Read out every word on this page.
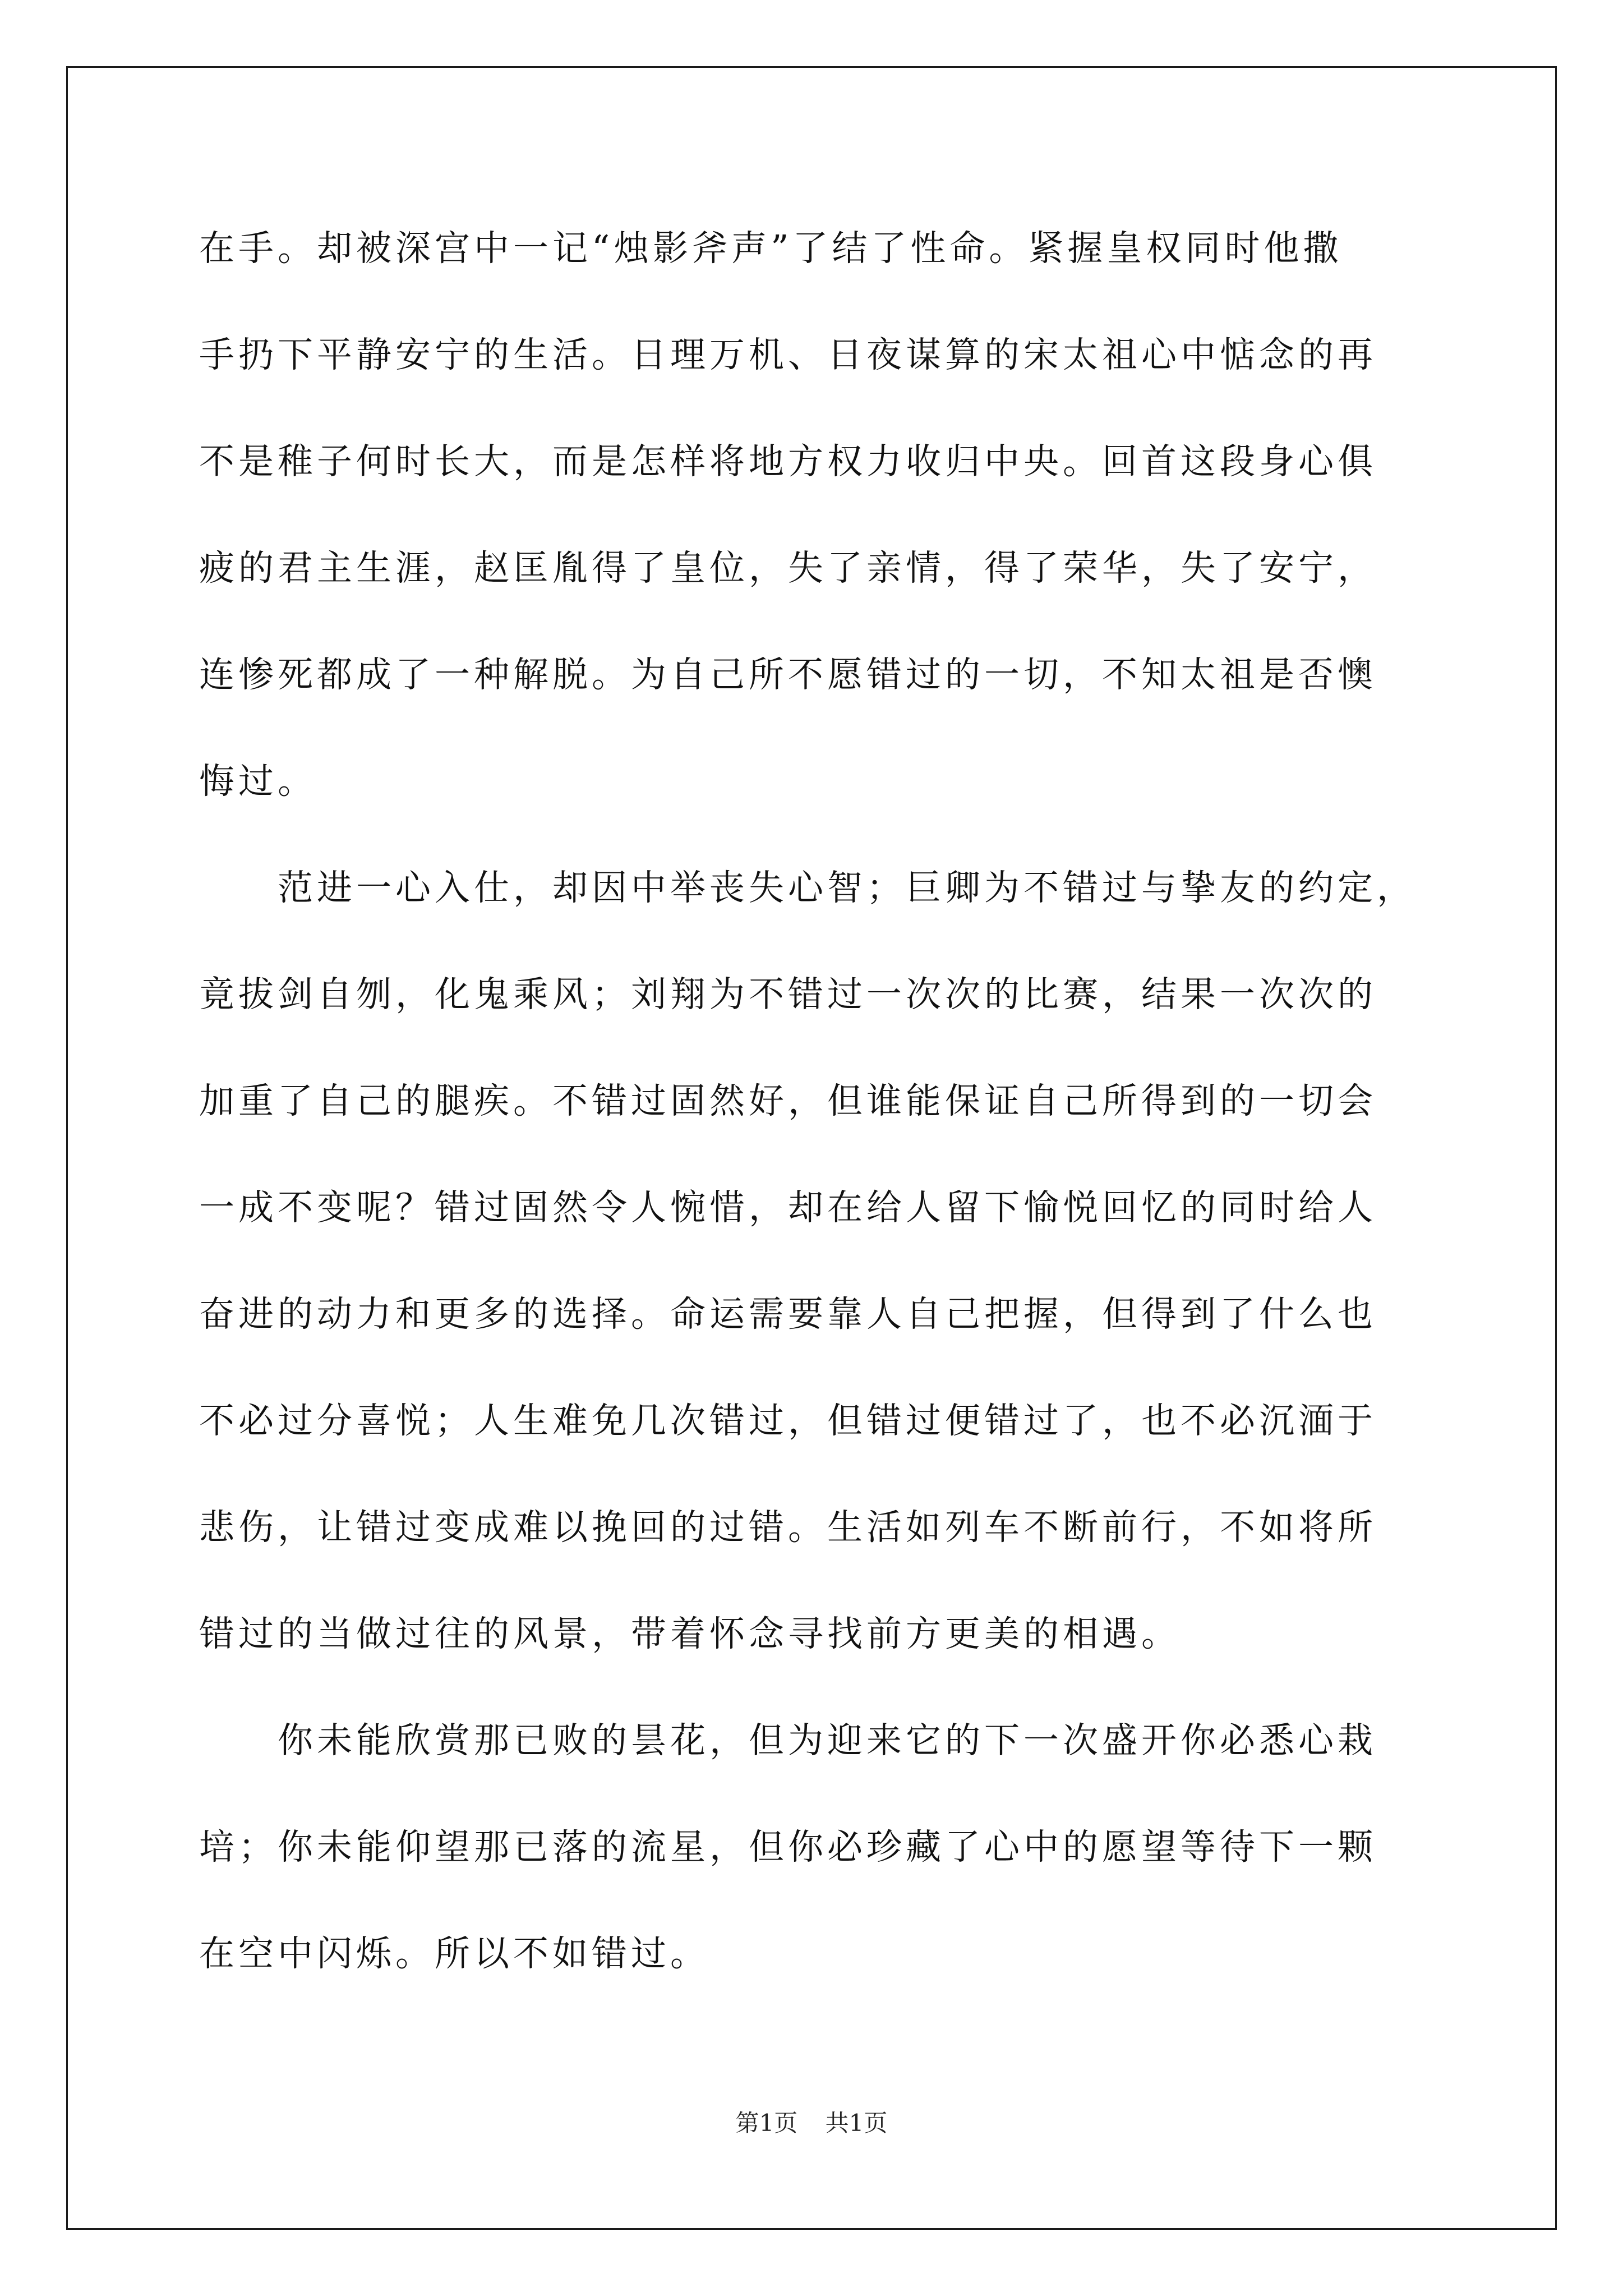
在手。却被深宫中一记“烛影斧声”了结了性命。紧握皇权同时他撒
手扔下平静安宁的生活。日理万机、日夜谋算的宋太祖心中惦念的再
不是稚子何时长大，而是怎样将地方权力收归中央。回首这段身心俱
疲的君主生涯，赵匡胤得了皇位，失了亲情，得了荣华，失了安宁，
连惨死都成了一种解脱。为自己所不愿错过的一切，不知太祖是否懊
悔过。
　　范进一心入仕，却因中举丧失心智；巨卿为不错过与挚友的约定，
竟拔剑自刎，化鬼乘风；刘翔为不错过一次次的比赛，结果一次次的
加重了自己的腿疾。不错过固然好，但谁能保证自己所得到的一切会
一成不变呢？错过固然令人惋惜，却在给人留下愉悦回忆的同时给人
奋进的动力和更多的选择。命运需要靠人自己把握，但得到了什么也
不必过分喜悦；人生难免几次错过，但错过便错过了，也不必沉湎于
悲伤，让错过变成难以挽回的过错。生活如列车不断前行，不如将所
错过的当做过往的风景，带着怀念寻找前方更美的相遇。
　　你未能欣赏那已败的昙花，但为迎来它的下一次盛开你必悉心栽
培；你未能仰望那已落的流星，但你必珍藏了心中的愿望等待下一颗
在空中闪烁。所以不如错过。
第1页 共1页
